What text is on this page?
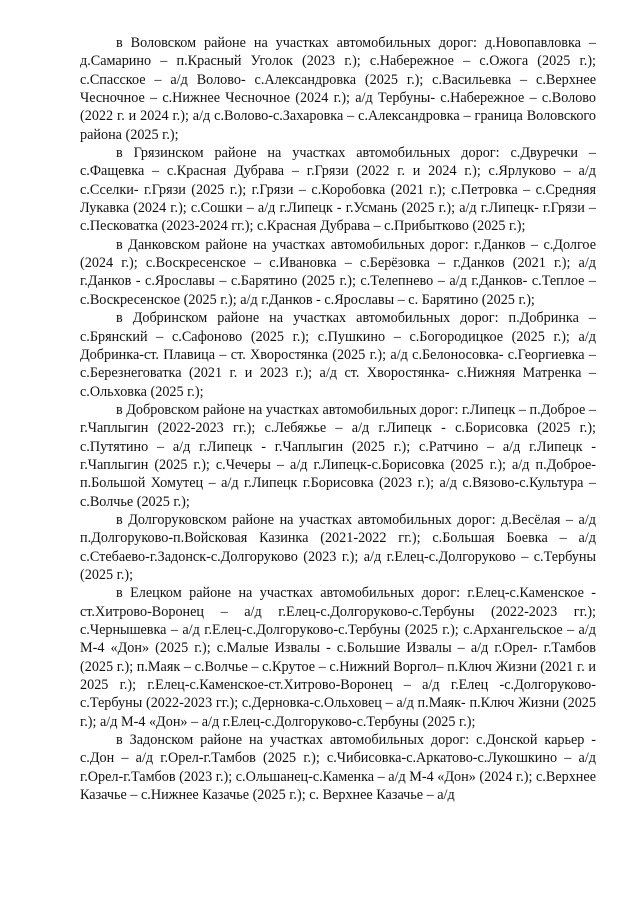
в Воловском районе на участках автомобильных дорог: д.Новопавловка – д.Самарино – п.Красный Уголок (2023 г.); с.Набережное – с.Ожога (2025 г.); с.Спасское – а/д Волово- с.Александровка (2025 г.); с.Васильевка – с.Верхнее Чесночное – с.Нижнее Чесночное (2024 г.); а/д Тербуны- с.Набережное – с.Волово (2022 г. и 2024 г.); а/д с.Волово-с.Захаровка – с.Александровка – граница Воловского района (2025 г.);

в Грязинском районе на участках автомобильных дорог: с.Двуречки – с.Фащевка – с.Красная Дубрава – г.Грязи (2022 г. и 2024 г.); с.Ярлуково – а/д с.Сселки- г.Грязи (2025 г.); г.Грязи – с.Коробовка (2021 г.); с.Петровка – с.Средняя Лукавка (2024 г.); с.Сошки – а/д г.Липецк - г.Усмань (2025 г.); а/д г.Липецк- г.Грязи – с.Песковатка (2023-2024 гг.); с.Красная Дубрава – с.Прибытково (2025 г.);

в Данковском районе на участках автомобильных дорог: г.Данков – с.Долгое (2024 г.); с.Воскресенское – с.Ивановка – с.Берёзовка – г.Данков (2021 г.); а/д г.Данков - с.Ярославы – с.Барятино (2025 г.); с.Телепнево – а/д г.Данков- с.Теплое – с.Воскресенское (2025 г.); а/д г.Данков - с.Ярославы – с. Барятино (2025 г.);

в Добринском районе на участках автомобильных дорог: п.Добринка – с.Брянский – с.Сафоново (2025 г.); с.Пушкино – с.Богородицкое (2025 г.); а/д Добринка-ст. Плавица – ст. Хворостянка (2025 г.); а/д с.Белоносовка- с.Георгиевка – с.Березнеговатка (2021 г. и 2023 г.); а/д ст. Хворостянка- с.Нижняя Матренка – с.Ольховка (2025 г.);

в Добровском районе на участках автомобильных дорог: г.Липецк – п.Доброе – г.Чаплыгин (2022-2023 гг.); с.Лебяжье – а/д г.Липецк - с.Борисовка (2025 г.); с.Путятино – а/д г.Липецк - г.Чаплыгин (2025 г.); с.Ратчино – а/д г.Липецк - г.Чаплыгин (2025 г.); с.Чечеры – а/д г.Липецк-с.Борисовка (2025 г.); а/д п.Доброе-п.Большой Хомутец – а/д г.Липецк г.Борисовка (2023 г.); а/д с.Вязово-с.Культура – с.Волчье (2025 г.);

в Долгоруковском районе на участках автомобильных дорог: д.Весёлая – а/д п.Долгоруково-п.Войсковая Казинка (2021-2022 гг.); с.Большая Боевка – а/д с.Стебаево-г.Задонск-с.Долгоруково (2023 г.); а/д г.Елец-с.Долгоруково – с.Тербуны (2025 г.);

в Елецком районе на участках автомобильных дорог: г.Елец-с.Каменское - ст.Хитрово-Воронец – а/д г.Елец-с.Долгоруково-с.Тербуны (2022-2023 гг.); с.Чернышевка – а/д г.Елец-с.Долгоруково-с.Тербуны (2025 г.); с.Архангельское – а/д М-4 «Дон» (2025 г.); с.Малые Извалы - с.Большие Извалы – а/д г.Орел- г.Тамбов (2025 г.); п.Маяк – с.Волчье – с.Крутое – с.Нижний Воргол– п.Ключ Жизни (2021 г. и 2025 г.); г.Елец-с.Каменское-ст.Хитрово-Воронец – а/д г.Елец -с.Долгоруково-с.Тербуны (2022-2023 гг.); с.Дерновка-с.Ольховец – а/д п.Маяк- п.Ключ Жизни (2025 г.); а/д М-4 «Дон» – а/д г.Елец-с.Долгоруково-с.Тербуны (2025 г.);

в Задонском районе на участках автомобильных дорог: с.Донской карьер - с.Дон – а/д г.Орел-г.Тамбов (2025 г.); с.Чибисовка-с.Аркатово-с.Лукошкино – а/д г.Орел-г.Тамбов (2023 г.); с.Ольшанец-с.Каменка – а/д М-4 «Дон» (2024 г.); с.Верхнее Казачье – с.Нижнее Казачье (2025 г.); с. Верхнее Казачье – а/д
